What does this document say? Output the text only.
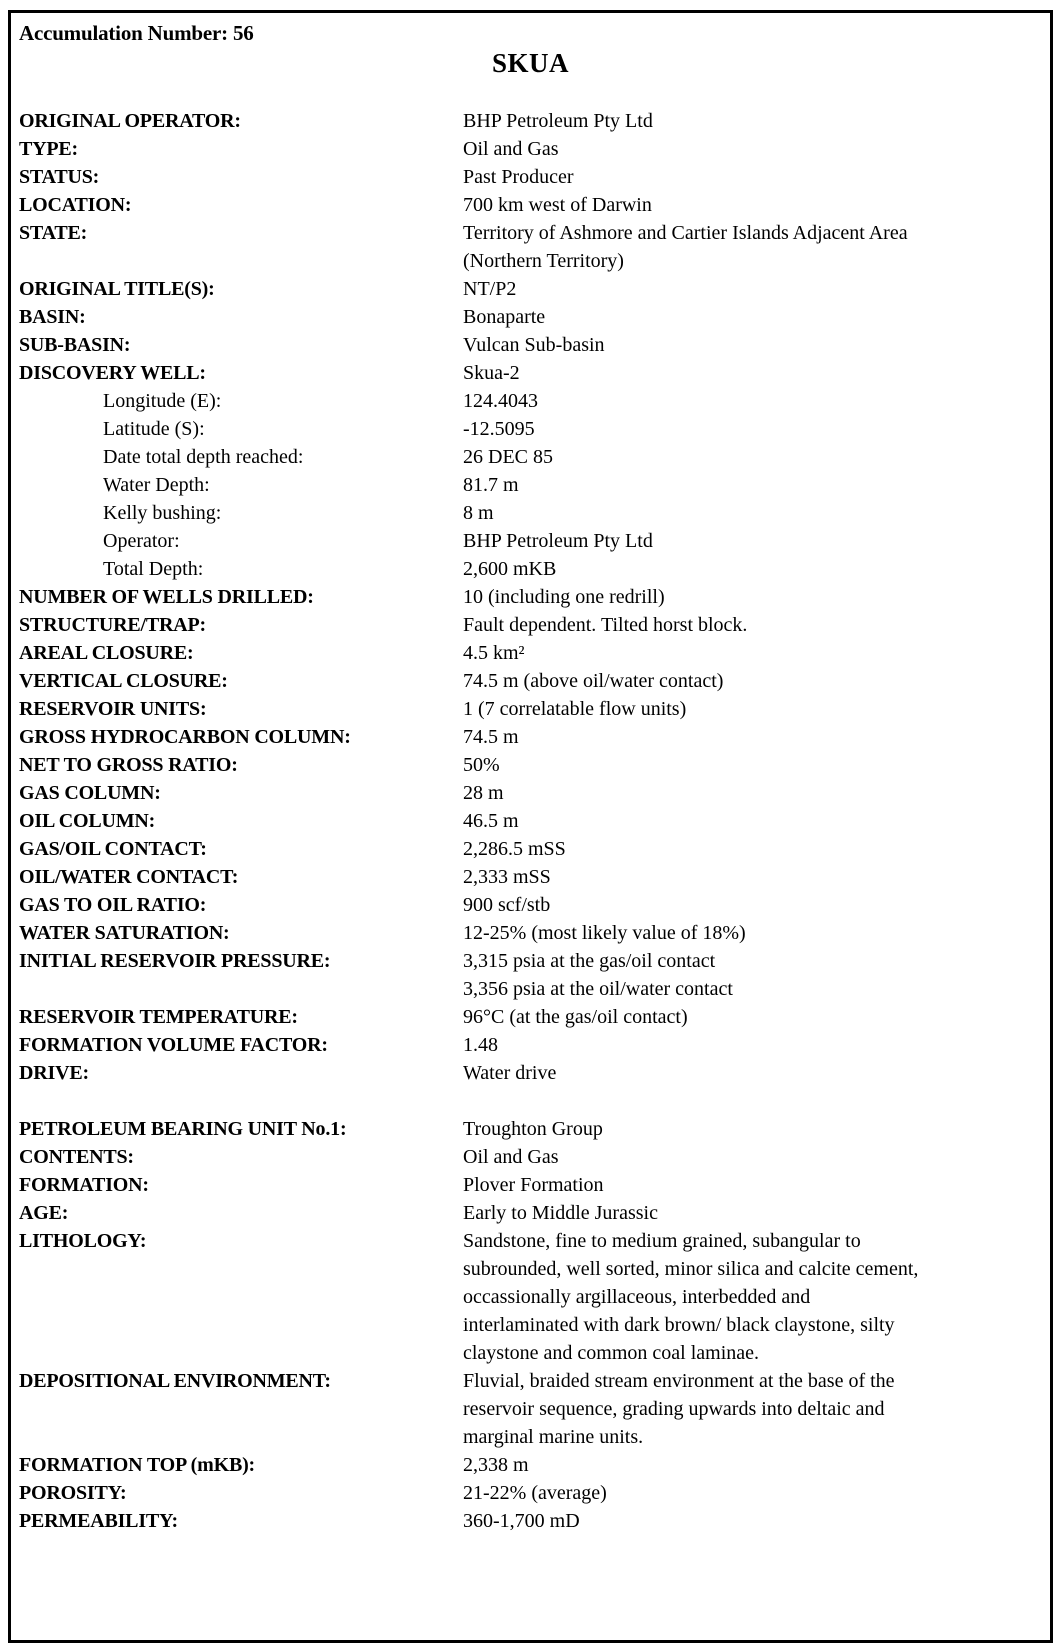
Accumulation Number: 56
SKUA
ORIGINAL OPERATOR:	BHP Petroleum Pty Ltd
TYPE:	Oil and Gas
STATUS:	Past Producer
LOCATION:	700 km west of Darwin
STATE:	Territory of Ashmore and Cartier Islands Adjacent Area
(Northern Territory)
ORIGINAL TITLE(S):	NT/P2
BASIN:	Bonaparte
SUB-BASIN:	Vulcan Sub-basin
DISCOVERY WELL:	Skua-2
Longitude (E):	124.4043
Latitude (S):	-12.5095
Date total depth reached:	26 DEC 85
Water Depth:	81.7 m
Kelly bushing:	8 m
Operator:	BHP Petroleum Pty Ltd
Total Depth:	2,600 mKB
NUMBER OF WELLS DRILLED:	10 (including one redrill)
STRUCTURE/TRAP:	Fault dependent. Tilted horst block.
AREAL CLOSURE:	4.5 km²
VERTICAL CLOSURE:	74.5 m (above oil/water contact)
RESERVOIR UNITS:	1 (7 correlatable flow units)
GROSS HYDROCARBON COLUMN:	74.5 m
NET TO GROSS RATIO:	50%
GAS COLUMN:	28 m
OIL COLUMN:	46.5 m
GAS/OIL CONTACT:	2,286.5 mSS
OIL/WATER CONTACT:	2,333 mSS
GAS TO OIL RATIO:	900 scf/stb
WATER SATURATION:	12-25% (most likely value of 18%)
INITIAL RESERVOIR PRESSURE:	3,315 psia at the gas/oil contact
3,356 psia at the oil/water contact
RESERVOIR TEMPERATURE:	96°C (at the gas/oil contact)
FORMATION VOLUME FACTOR:	1.48
DRIVE:	Water drive
PETROLEUM BEARING UNIT No.1:	Troughton Group
CONTENTS:	Oil and Gas
FORMATION:	Plover Formation
AGE:	Early to Middle Jurassic
LITHOLOGY:	Sandstone, fine to medium grained, subangular to
subrounded, well sorted, minor silica and calcite cement,
occassionally argillaceous, interbedded and
interlaminated with dark brown/ black claystone, silty
claystone and common coal laminae.
DEPOSITIONAL ENVIRONMENT:	Fluvial, braided stream environment at the base of the
reservoir sequence, grading upwards into deltaic and
marginal marine units.
FORMATION TOP (mKB):	2,338 m
POROSITY:	21-22% (average)
PERMEABILITY:	360-1,700 mD
